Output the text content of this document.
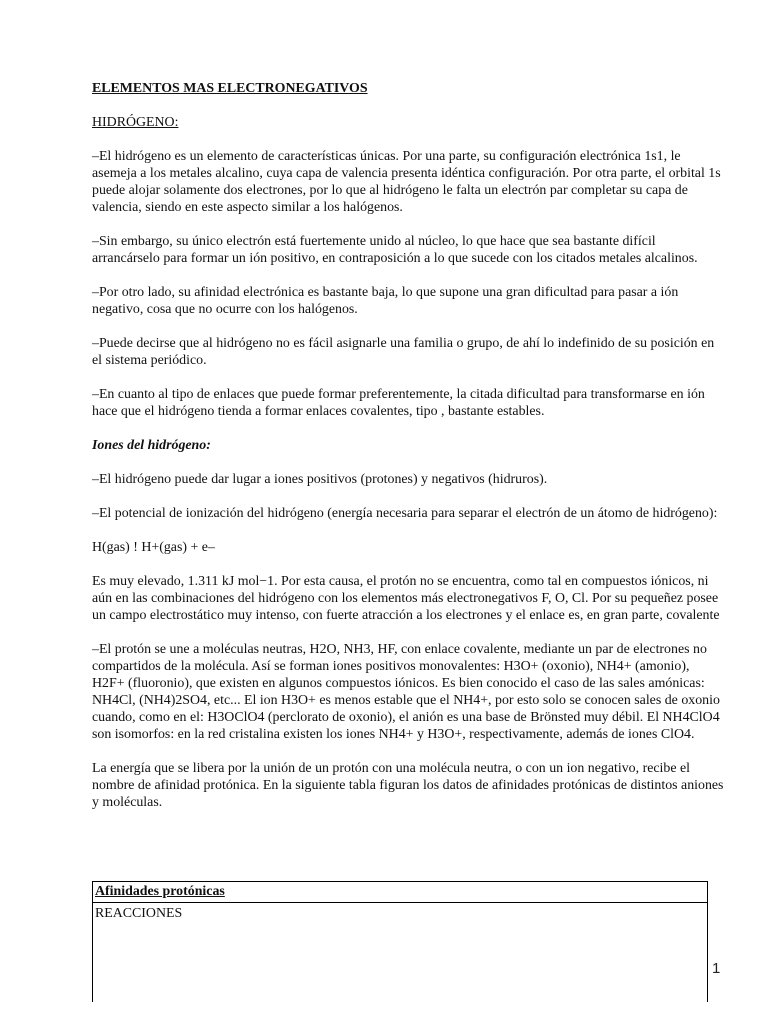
ELEMENTOS MAS ELECTRONEGATIVOS
HIDRÓGENO:

–El hidrógeno es un elemento de características únicas. Por una parte, su configuración electrónica 1s1, le asemeja a los metales alcalino, cuya capa de valencia presenta idéntica configuración. Por otra parte, el orbital 1s puede alojar solamente dos electrones, por lo que al hidrógeno le falta un electrón par completar su capa de valencia, siendo en este aspecto similar a los halógenos.

–Sin embargo, su único electrón está fuertemente unido al núcleo, lo que hace que sea bastante difícil arrancárselo para formar un ión positivo, en contraposición a lo que sucede con los citados metales alcalinos.

–Por otro lado, su afinidad electrónica es bastante baja, lo que supone una gran dificultad para pasar a ión negativo, cosa que no ocurre con los halógenos.

–Puede decirse que al hidrógeno no es fácil asignarle una familia o grupo, de ahí lo indefinido de su posición en el sistema periódico.

–En cuanto al tipo de enlaces que puede formar preferentemente, la citada dificultad para transformarse en ión hace que el hidrógeno tienda a formar enlaces covalentes, tipo , bastante estables.

Iones del hidrógeno:

–El hidrógeno puede dar lugar a iones positivos (protones) y negativos (hidruros).

–El potencial de ionización del hidrógeno (energía necesaria para separar el electrón de un átomo de hidrógeno):

H(gas) ! H+(gas) + e–

Es muy elevado, 1.311 kJ mol−1. Por esta causa, el protón no se encuentra, como tal en compuestos iónicos, ni aún en las combinaciones del hidrógeno con los elementos más electronegativos F, O, Cl. Por su pequeñez posee un campo electrostático muy intenso, con fuerte atracción a los electrones y el enlace es, en gran parte, covalente

–El protón se une a moléculas neutras, H2O, NH3, HF, con enlace covalente, mediante un par de electrones no compartidos de la molécula. Así se forman iones positivos monovalentes: H3O+ (oxonio), NH4+ (amonio), H2F+ (fluoronio), que existen en algunos compuestos iónicos. Es bien conocido el caso de las sales amónicas: NH4Cl, (NH4)2SO4, etc... El ion H3O+ es menos estable que el NH4+, por esto solo se conocen sales de oxonio cuando, como en el: H3OClO4 (perclorato de oxonio), el anión es una base de Brönsted muy débil. El NH4ClO4 son isomorfos: en la red cristalina existen los iones NH4+ y H3O+, respectivamente, además de iones ClO4.

La energía que se libera por la unión de un protón con una molécula neutra, o con un ion negativo, recibe el nombre de afinidad protónica. En la siguiente tabla figuran los datos de afinidades protónicas de distintos aniones y moléculas.

Afinidades protónicas
REACCIONES
1
